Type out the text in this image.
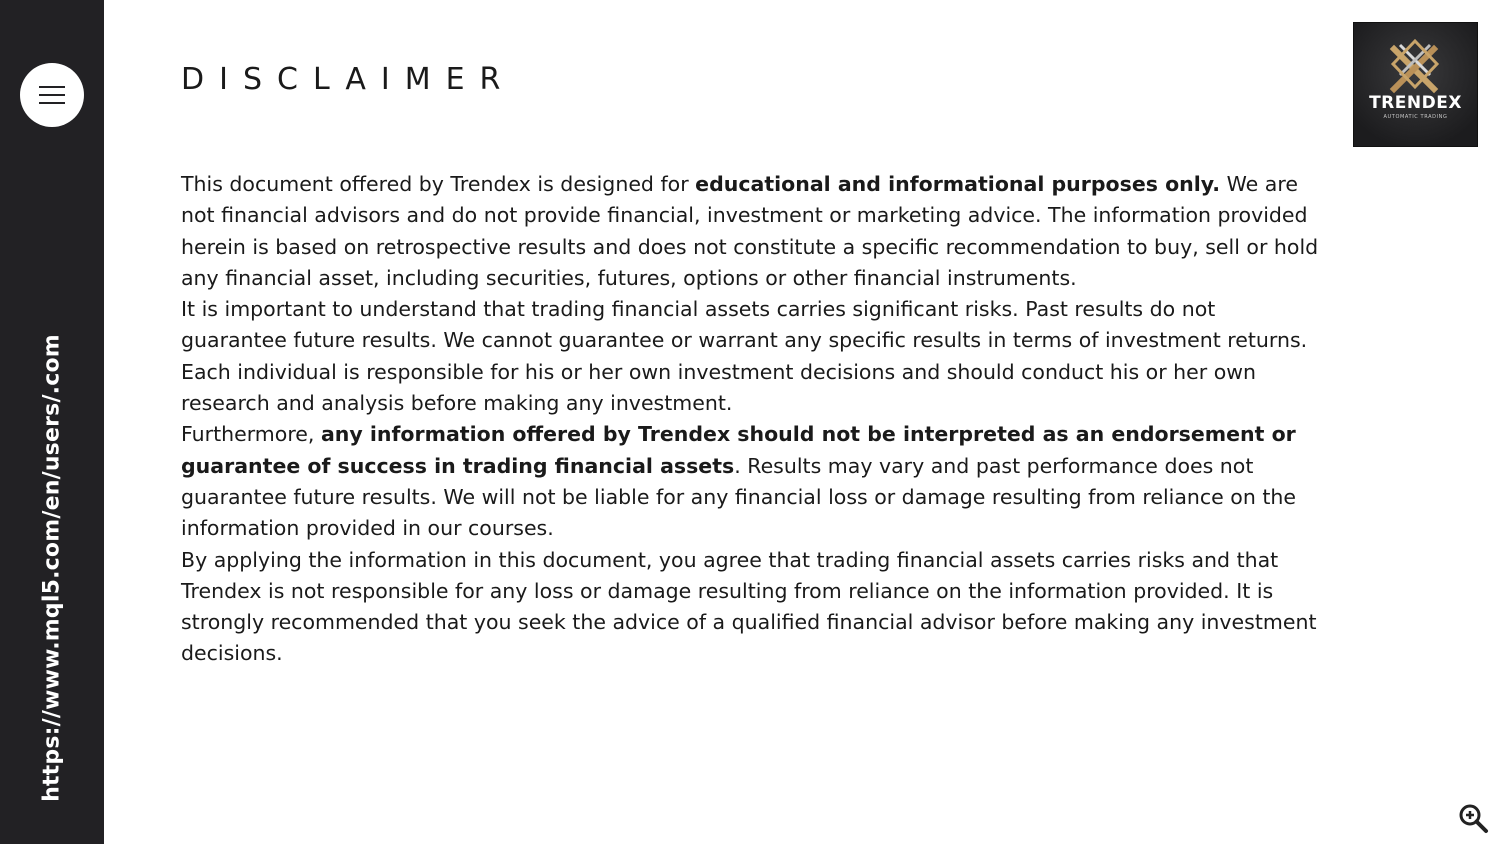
https://www.mql5.com/en/users/.com
DISCLAIMER
TRENDEX
AUTOMATIC TRADING

This document offered by Trendex is designed for educational and informational purposes only. We are not financial advisors and do not provide financial, investment or marketing advice. The information provided herein is based on retrospective results and does not constitute a specific recommendation to buy, sell or hold any financial asset, including securities, futures, options or other financial instruments.

It is important to understand that trading financial assets carries significant risks. Past results do not guarantee future results. We cannot guarantee or warrant any specific results in terms of investment returns. Each individual is responsible for his or her own investment decisions and should conduct his or her own research and analysis before making any investment.

Furthermore, any information offered by Trendex should not be interpreted as an endorsement or guarantee of success in trading financial assets. Results may vary and past performance does not guarantee future results. We will not be liable for any financial loss or damage resulting from reliance on the information provided in our courses.

By applying the information in this document, you agree that trading financial assets carries risks and that Trendex is not responsible for any loss or damage resulting from reliance on the information provided. It is strongly recommended that you seek the advice of a qualified financial advisor before making any investment decisions.
